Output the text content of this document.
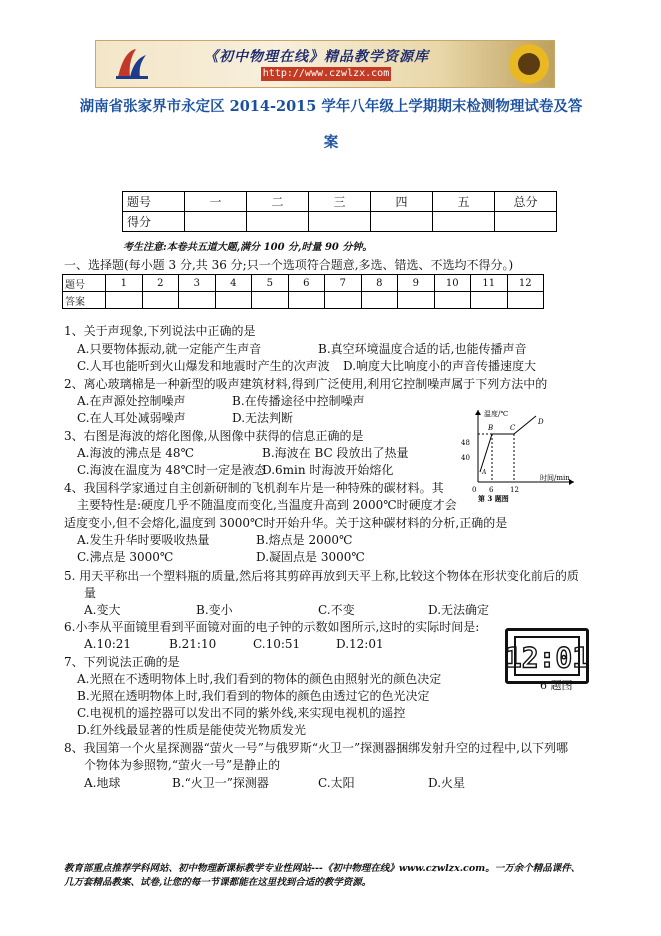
《初中物理在线》精品教学资源库
http://www.czwlzx.com
湖南省张家界市永定区 2014-2015 学年八年级上学期期末检测物理试卷及答
案
题号	一	二	三	四	五	总分
得分						
考生注意:本卷共五道大题,满分 100 分,时量 90 分钟。
一、选择题(每小题 3 分,共 36 分;只一个选项符合题意,多选、错选、不选均不得分。)
题号	1	2	3	4	5	6	7	8	9	10	11	12
答案												
1、关于声现象,下列说法中正确的是
A.只要物体振动,就一定能产生声音	B.真空环境温度合适的话,也能传播声音
C.人耳也能听到火山爆发和地震时产生的次声波 D.响度大比响度小的声音传播速度大
2、离心玻璃棉是一种新型的吸声建筑材料,得到广泛使用,利用它控制噪声属于下列方法中的
A.在声源处控制噪声	B.在传播途径中控制噪声
C.在人耳处减弱噪声	D.无法判断
3、右图是海波的熔化图像,从图像中获得的信息正确的是
A.海波的沸点是 48℃	B.海波在 BC 段放出了热量
C.海波在温度为 48℃时一定是液态
D.6min 时海波开始熔化
温度/℃
时间/min
48
40
0 6 12
A
B C
D
第 3 题图
4、我国科学家通过自主创新研制的飞机刹车片是一种特殊的碳材料。其
主要特性是:硬度几乎不随温度而变化,当温度升高到 2000℃时硬度才会
适度变小,但不会熔化,温度到 3000℃时开始升华。关于这种碳材料的分析,正确的是
A.发生升华时要吸收热量	B.熔点是 2000℃
C.沸点是 3000℃	D.凝固点是 3000℃
5. 用天平称出一个塑料瓶的质量,然后将其剪碎再放到天平上称,比较这个物体在形状变化前后的质
量
A.变大	B.变小	C.不变	D.无法确定
6.小李从平面镜里看到平面镜对面的电子钟的示数如图所示,这时的实际时间是:
A.10:21	B.21:10	C.10:51	D.12:01	12:01
6 题图
7、下列说法正确的是
A.光照在不透明物体上时,我们看到的物体的颜色由照射光的颜色决定
B.光照在透明物体上时,我们看到的物体的颜色由透过它的色光决定
C.电视机的遥控器可以发出不同的紫外线,来实现电视机的遥控
D.红外线最显著的性质是能使荧光物质发光
8、我国第一个火星探测器“萤火一号”与俄罗斯“火卫一”探测器捆绑发射升空的过程中,以下列哪
个物体为参照物,“萤火一号”是静止的
A.地球	B.“火卫一”探测器	C.太阳	D.火星
教育部重点推荐学科网站、初中物理新课标教学专业性网站---《初中物理在线》www.czwlzx.com。一万余个精品课件、
几万套精品教案、试卷,让您的每一节课都能在这里找到合适的教学资源。
